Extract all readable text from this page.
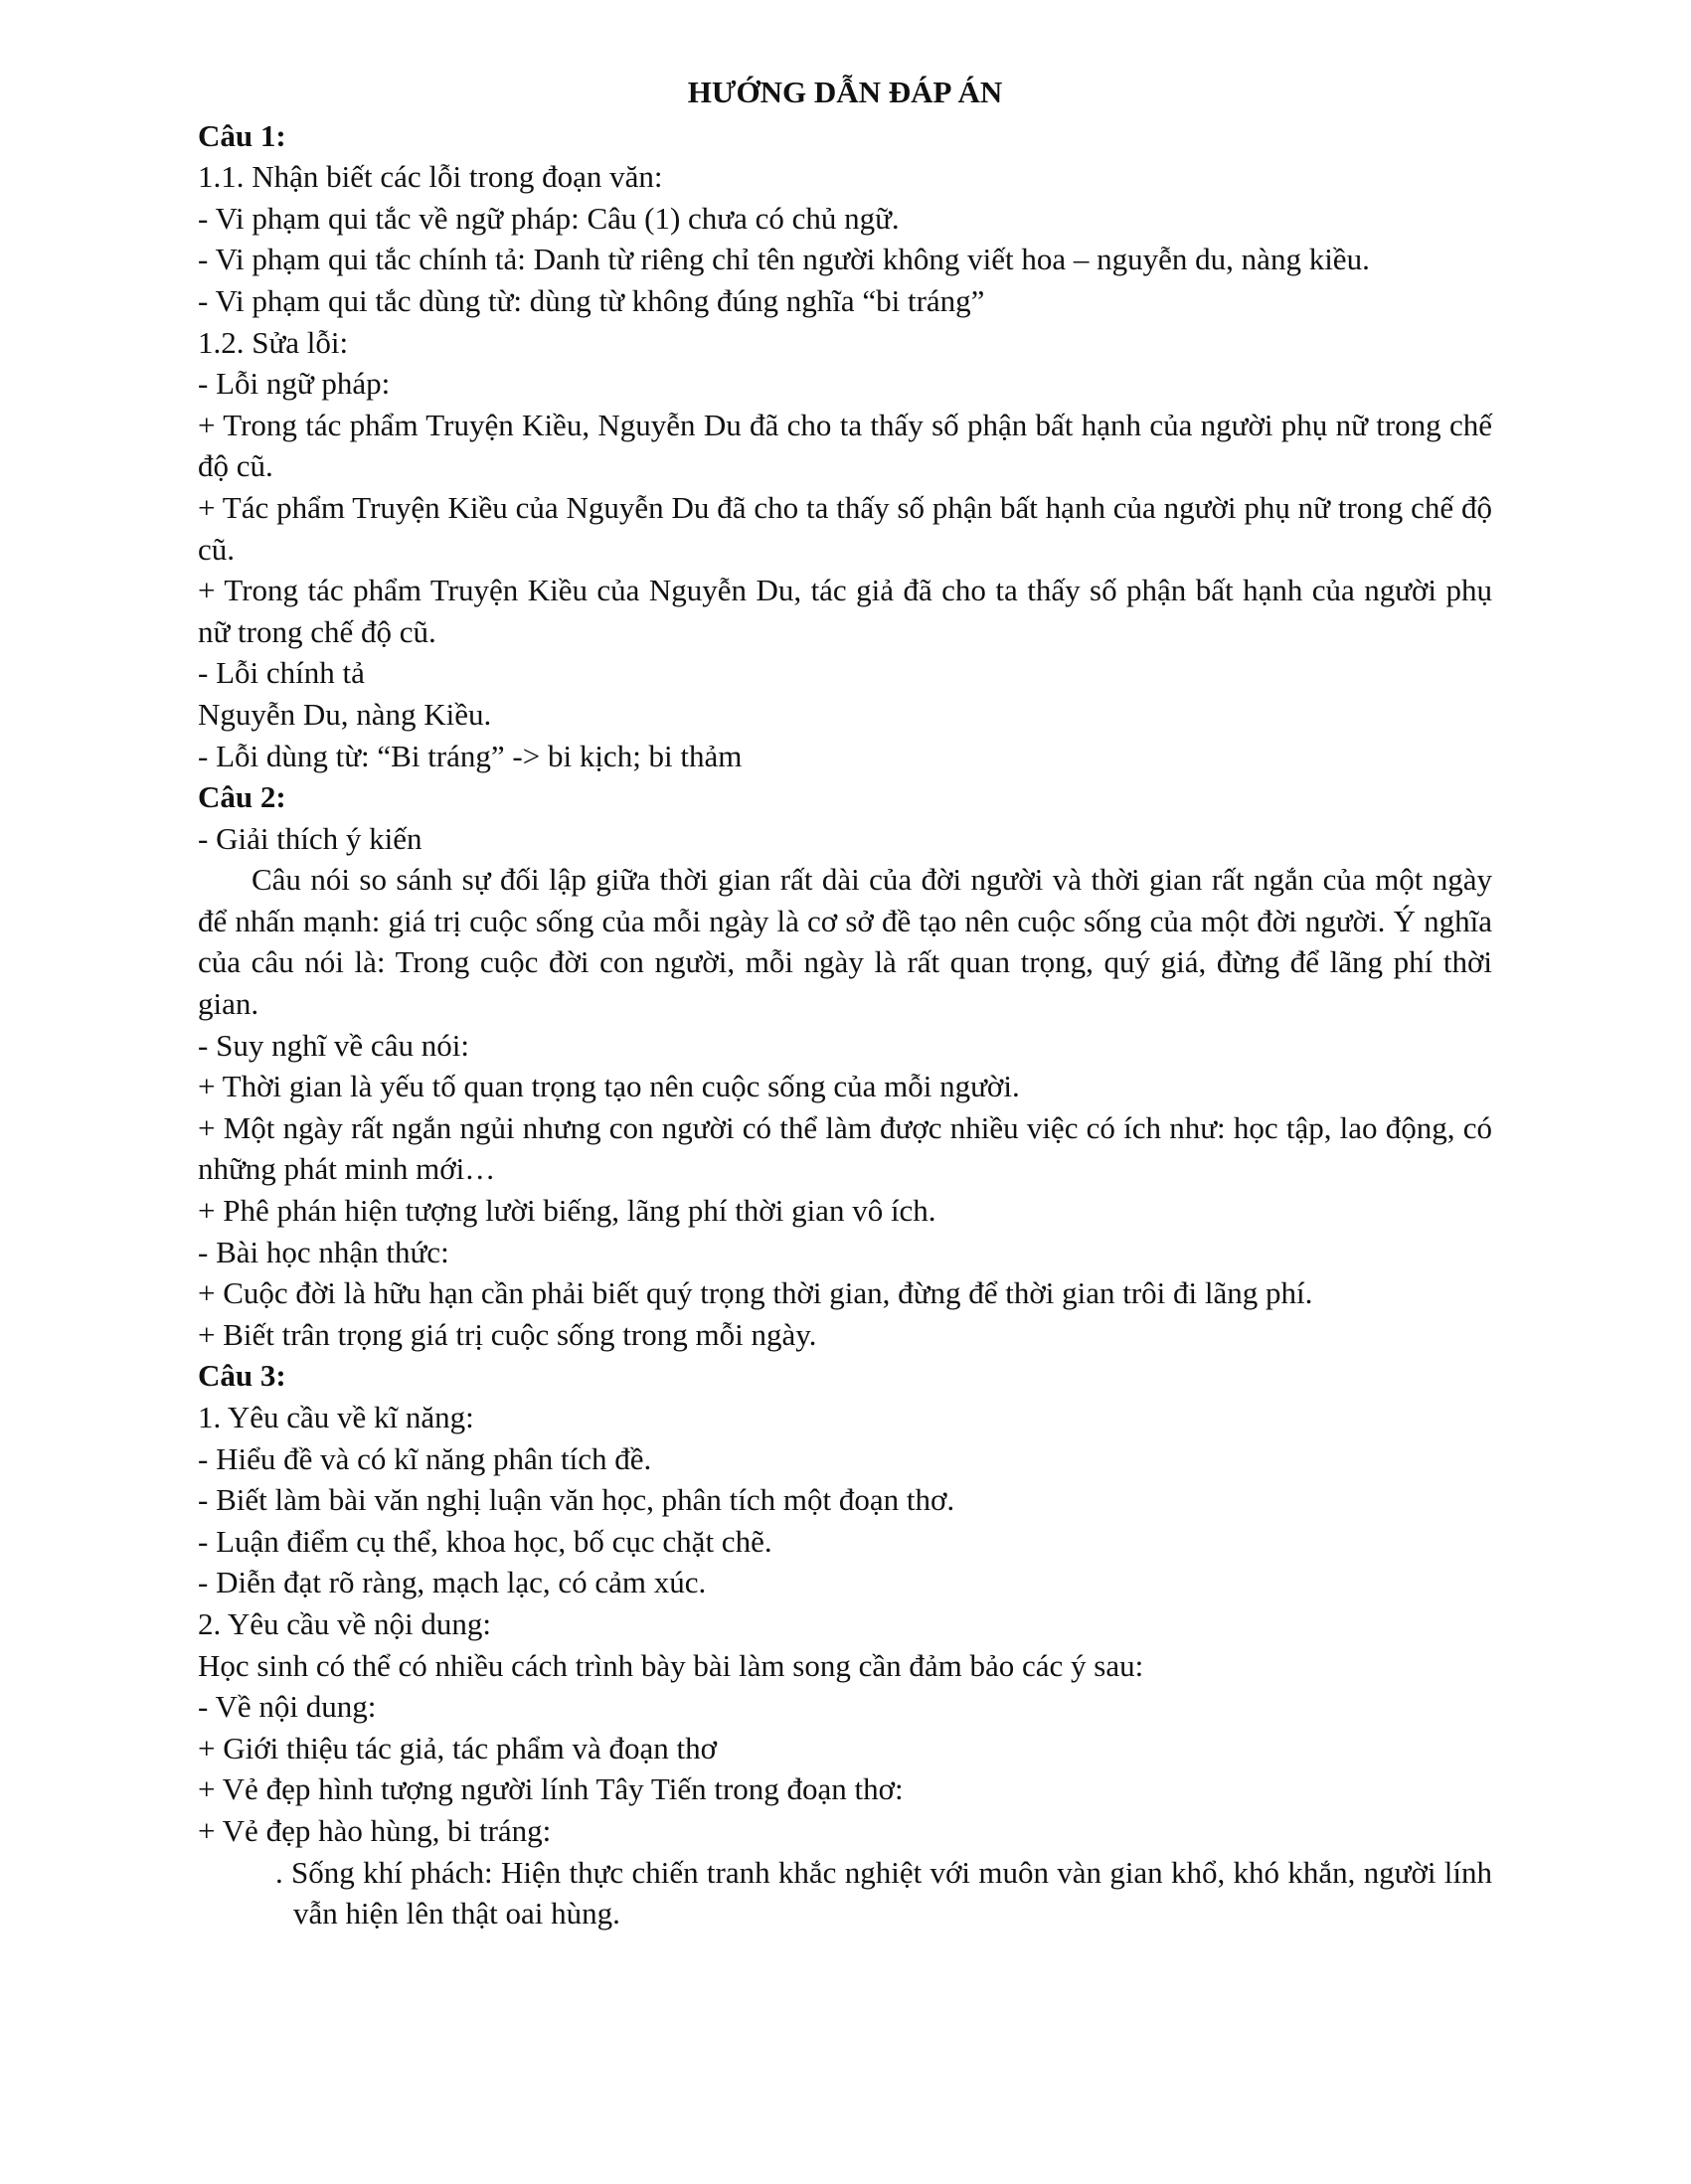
HƯỚNG DẪN ĐÁP ÁN
Câu 1:
1.1. Nhận biết các lỗi trong đoạn văn:
- Vi phạm qui tắc về ngữ pháp: Câu (1) chưa có chủ ngữ.
- Vi phạm qui tắc chính tả: Danh từ riêng chỉ tên người không viết hoa – nguyễn du, nàng kiều.
- Vi phạm qui tắc dùng từ: dùng từ không đúng nghĩa “bi tráng”
1.2. Sửa lỗi:
- Lỗi ngữ pháp:
+ Trong tác phẩm Truyện Kiều, Nguyễn Du đã cho ta thấy số phận bất hạnh của người phụ nữ trong chế độ cũ.
+ Tác phẩm Truyện Kiều của Nguyễn Du đã cho ta thấy số phận bất hạnh của người phụ nữ trong chế độ cũ.
+ Trong tác phẩm Truyện Kiều của Nguyễn Du, tác giả đã cho ta thấy số phận bất hạnh của người phụ nữ trong chế độ cũ.
- Lỗi chính tả
Nguyễn Du, nàng Kiều.
- Lỗi dùng từ: “Bi tráng” -> bi kịch; bi thảm
Câu 2:
- Giải thích ý kiến
Câu nói so sánh sự đối lập giữa thời gian rất dài của đời người và thời gian rất ngắn của một ngày để nhấn mạnh: giá trị cuộc sống của mỗi ngày là cơ sở đề tạo nên cuộc sống của một đời người. Ý nghĩa của câu nói là: Trong cuộc đời con người, mỗi ngày là rất quan trọng, quý giá, đừng để lãng phí thời gian.
- Suy nghĩ về câu nói:
+ Thời gian là yếu tố quan trọng tạo nên cuộc sống của mỗi người.
+ Một ngày rất ngắn ngủi nhưng con người có thể làm được nhiều việc có ích như: học tập, lao động, có những phát minh mới…
+ Phê phán hiện tượng lười biếng, lãng phí thời gian vô ích.
- Bài học nhận thức:
+ Cuộc đời là hữu hạn cần phải biết quý trọng thời gian, đừng để thời gian trôi đi lãng phí.
+ Biết trân trọng giá trị cuộc sống trong mỗi ngày.
Câu 3:
1. Yêu cầu về kĩ năng:
- Hiểu đề và có kĩ năng phân tích đề.
- Biết làm bài văn nghị luận văn học, phân tích một đoạn thơ.
- Luận điểm cụ thể, khoa học, bố cục chặt chẽ.
- Diễn đạt rõ ràng, mạch lạc, có cảm xúc.
2. Yêu cầu về nội dung:
Học sinh có thể có nhiều cách trình bày bài làm song cần đảm bảo các ý sau:
- Về nội dung:
+ Giới thiệu tác giả, tác phẩm và đoạn thơ
+ Vẻ đẹp hình tượng người lính Tây Tiến trong đoạn thơ:
+ Vẻ đẹp hào hùng, bi tráng:
. Sống khí phách: Hiện thực chiến tranh khắc nghiệt với muôn vàn gian khổ, khó khắn, người lính vẫn hiện lên thật oai hùng.
